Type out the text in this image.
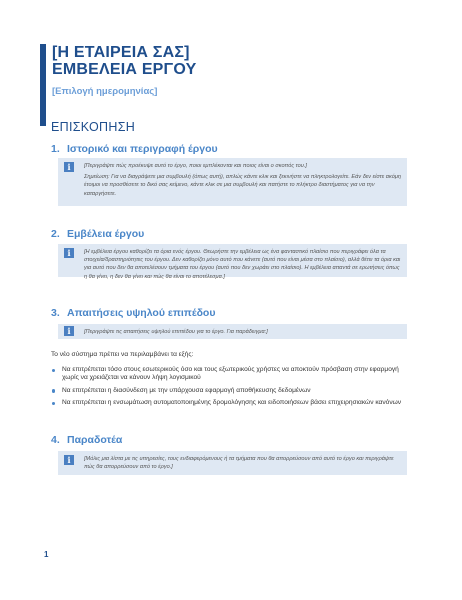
[Η ΕΤΑΙΡΕΙΑ ΣΑΣ]
ΕΜΒΕΛΕΙΑ ΕΡΓΟΥ
[Επιλογή ημερομηνίας]
ΕΠΙΣΚΟΠΗΣΗ
1. Ιστορικό και περιγραφή έργου
i	[Περιγράψτε πώς προέκυψε αυτό το έργο, ποιοι εμπλέκονται και ποιος είναι ο σκοπός του.]

Σημείωση: Για να διαγράψετε μια συμβουλή (όπως αυτή), απλώς κάντε κλικ και ξεκινήστε να πληκτρολογείτε. Εάν δεν είστε ακόμη έτοιμοι να προσθέσετε το δικό σας κείμενο, κάντε κλικ σε μια συμβουλή και πατήστε το πλήκτρο διαστήματος για να την καταργήσετε.

2. Εμβέλεια έργου
i	[Η εμβέλεια έργου καθορίζει τα όρια ενός έργου. Θεωρήστε την εμβέλεια ως ένα φανταστικό πλαίσιο που περιγράφει όλα τα στοιχεία/δραστηριότητες του έργου. Δεν καθορίζει μόνο αυτό που κάνετε (αυτό που είναι μέσα στο πλαίσιο), αλλά θέτει τα όρια και για αυτό που δεν θα αποτελέσουν τμήματα του έργου (αυτό που δεν χωράει στο πλαίσιο). Η εμβέλεια απαντά σε ερωτήσεις όπως η θα γίνει, η δεν θα γίνει και πώς θα είναι το αποτέλεσμα.]

3. Απαιτήσεις υψηλού επιπέδου
i	[Περιγράψτε τις απαιτήσεις υψηλού επιπέδου για το έργο. Για παράδειγμα:]

Το νέο σύστημα πρέπει να περιλαμβάνει τα εξής:
Να επιτρέπεται τόσο στους εσωτερικούς όσο και τους εξωτερικούς χρήστες να αποκτούν πρόσβαση στην εφαρμογή χωρίς να χρειάζεται να κάνουν λήψη λογισμικού
Να επιτρέπεται η διασύνδεση με την υπάρχουσα εφαρμογή αποθήκευσης δεδομένων
Να επιτρέπεται η ενσωμάτωση αυτοματοποιημένης δρομολόγησης και ειδοποιήσεων βάσει επιχειρησιακών κανόνων
4. Παραδοτέα
i	[Μόλις μια λίστα με τις υπηρεσίες, τους ενδιαφερόμενους ή τα τμήματα που θα απορρεύσουν από αυτό το έργο και περιγράψτε πώς θα απορρεύσουν από το έργο.]

1
